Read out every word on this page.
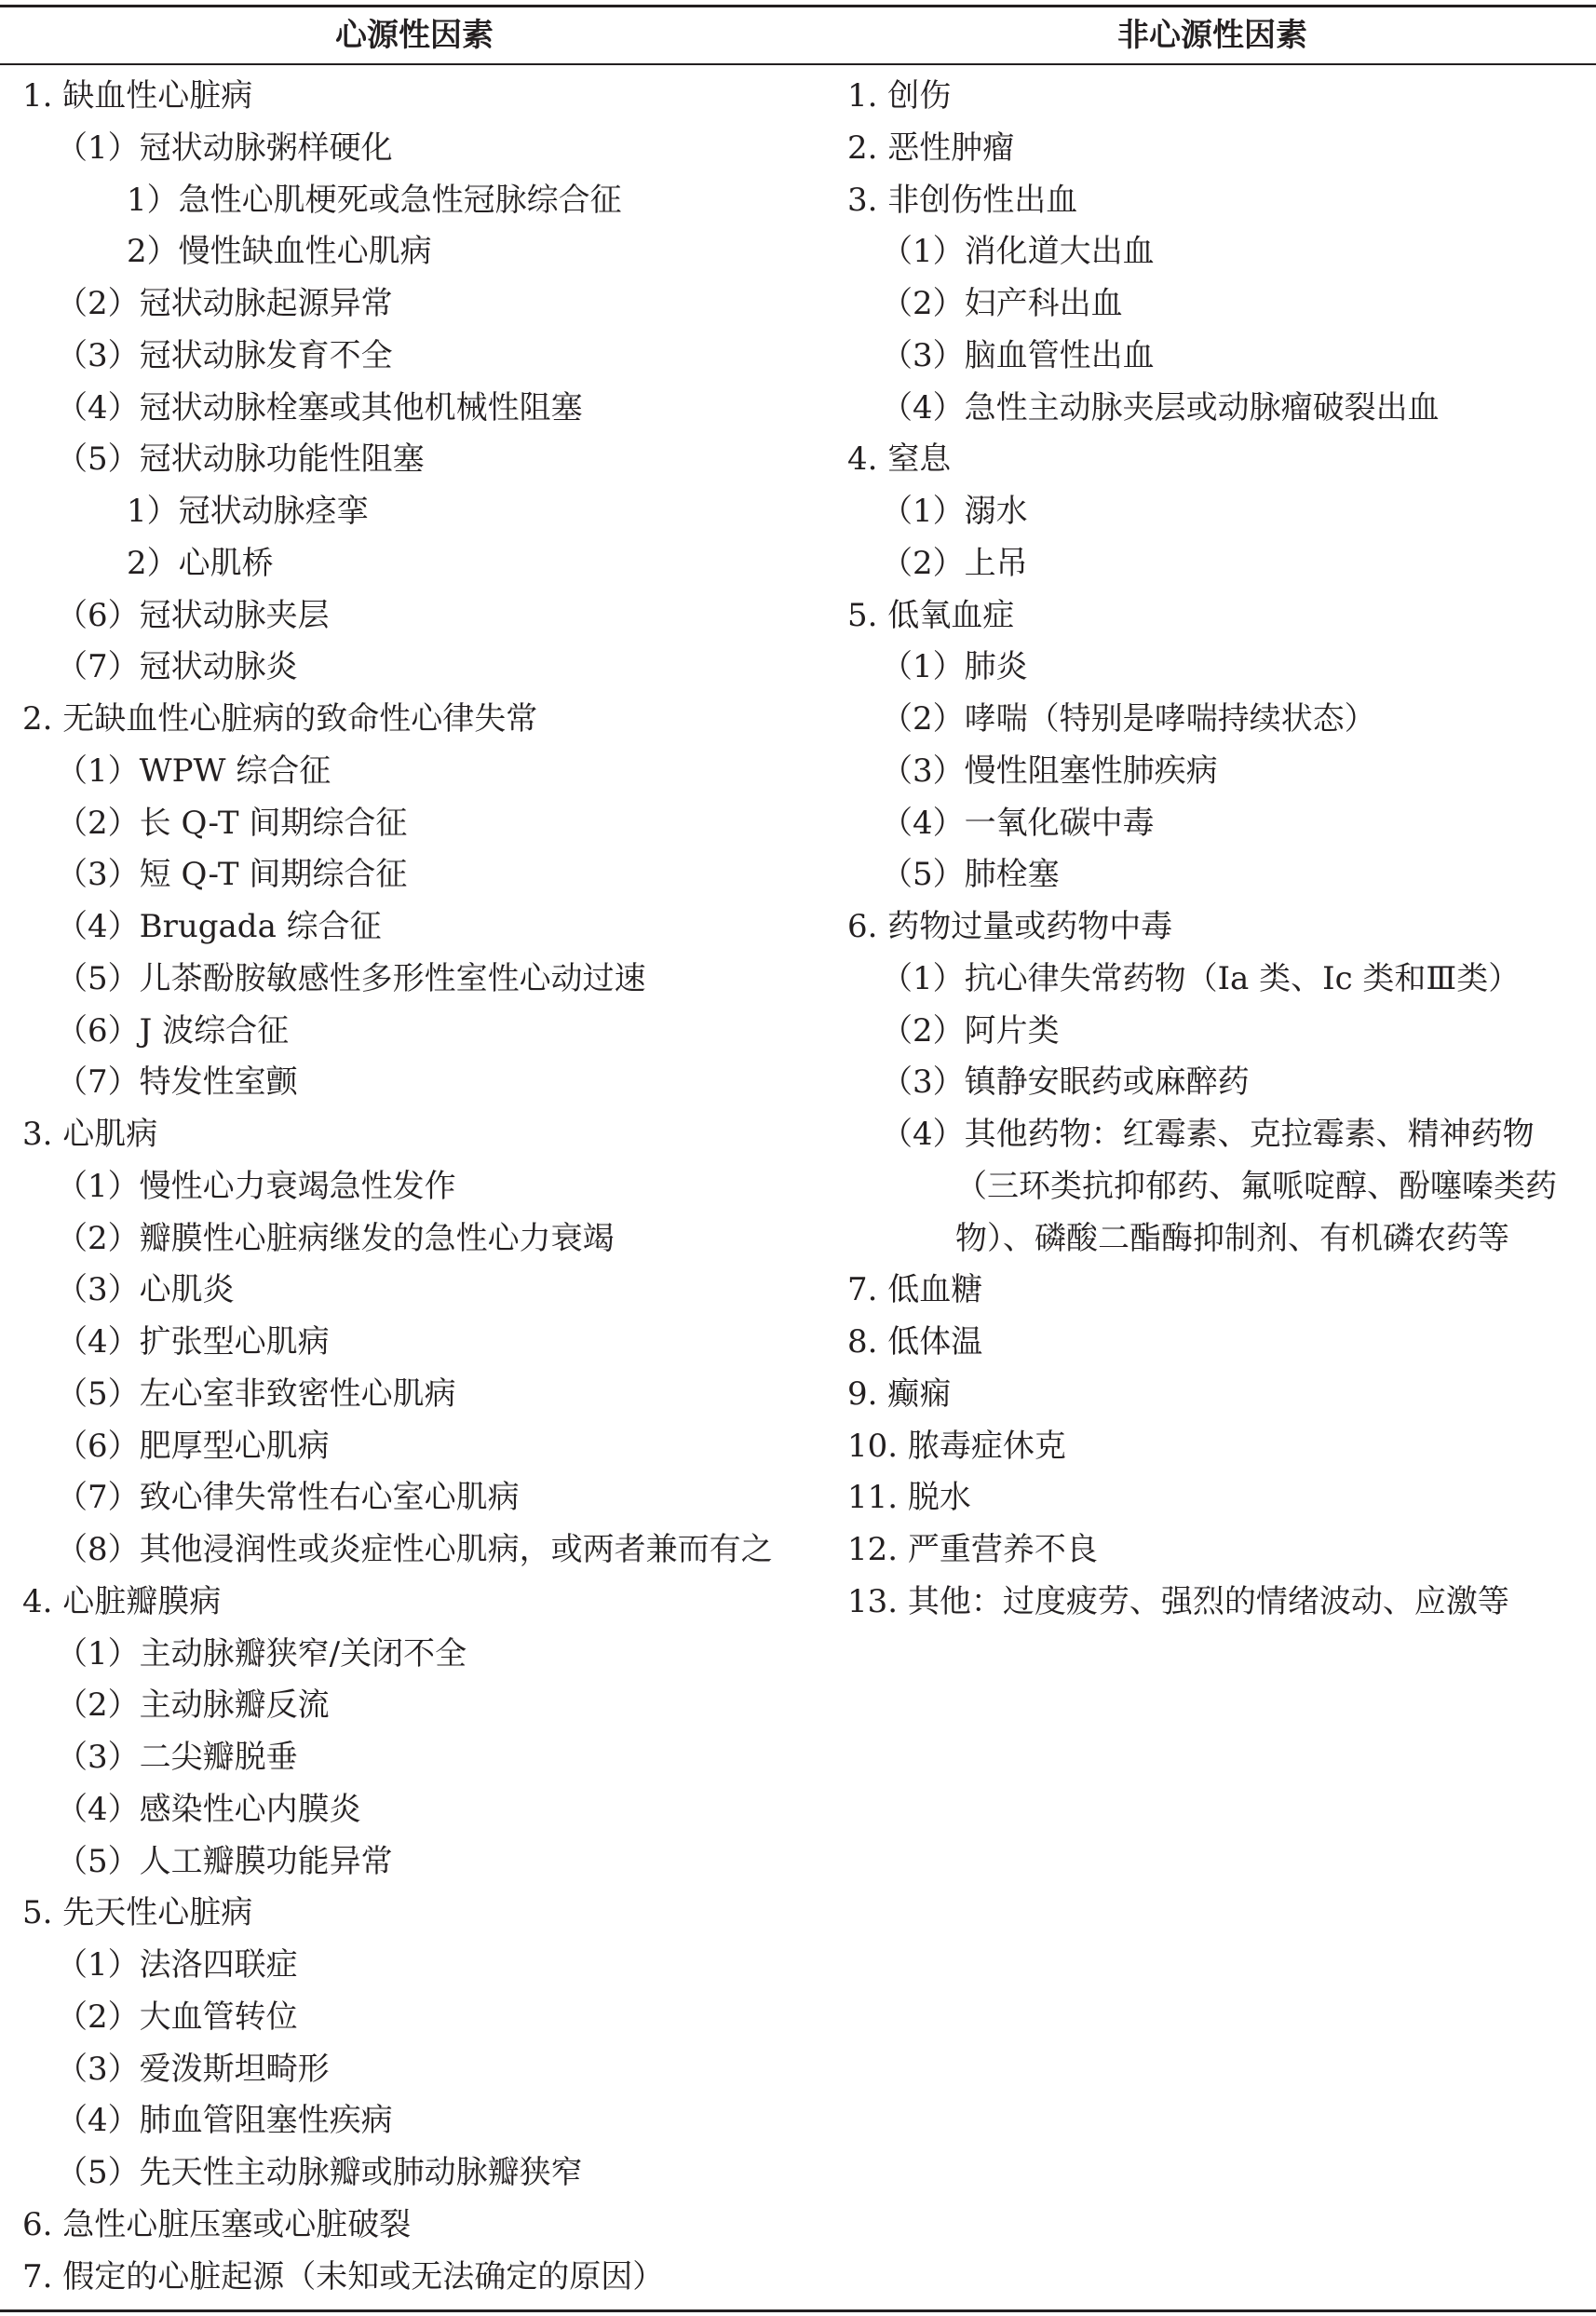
心源性因素	非心源性因素
1. 缺血性心脏病
（1）冠状动脉粥样硬化
1）急性心肌梗死或急性冠脉综合征
2）慢性缺血性心肌病
（2）冠状动脉起源异常
（3）冠状动脉发育不全
（4）冠状动脉栓塞或其他机械性阻塞
（5）冠状动脉功能性阻塞
1）冠状动脉痉挛
2）心肌桥
（6）冠状动脉夹层
（7）冠状动脉炎
2. 无缺血性心脏病的致命性心律失常
（1）WPW 综合征
（2）长 Q-T 间期综合征
（3）短 Q-T 间期综合征
（4）Brugada 综合征
（5）儿茶酚胺敏感性多形性室性心动过速
（6）J 波综合征
（7）特发性室颤
3. 心肌病
（1）慢性心力衰竭急性发作
（2）瓣膜性心脏病继发的急性心力衰竭
（3）心肌炎
（4）扩张型心肌病
（5）左心室非致密性心肌病
（6）肥厚型心肌病
（7）致心律失常性右心室心肌病
（8）其他浸润性或炎症性心肌病，或两者兼而有之
4. 心脏瓣膜病
（1）主动脉瓣狭窄/关闭不全
（2）主动脉瓣反流
（3）二尖瓣脱垂
（4）感染性心内膜炎
（5）人工瓣膜功能异常
5. 先天性心脏病
（1）法洛四联症
（2）大血管转位
（3）爱泼斯坦畸形
（4）肺血管阻塞性疾病
（5）先天性主动脉瓣或肺动脉瓣狭窄
6. 急性心脏压塞或心脏破裂
7. 假定的心脏起源（未知或无法确定的原因）
1. 创伤
2. 恶性肿瘤
3. 非创伤性出血
（1）消化道大出血
（2）妇产科出血
（3）脑血管性出血
（4）急性主动脉夹层或动脉瘤破裂出血
4. 窒息
（1）溺水
（2）上吊
5. 低氧血症
（1）肺炎
（2）哮喘（特别是哮喘持续状态）
（3）慢性阻塞性肺疾病
（4）一氧化碳中毒
（5）肺栓塞
6. 药物过量或药物中毒
（1）抗心律失常药物（Ⅰa 类、Ⅰc 类和Ⅲ类）
（2）阿片类
（3）镇静安眠药或麻醉药
（4）其他药物：红霉素、克拉霉素、精神药物
（三环类抗抑郁药、氟哌啶醇、酚噻嗪类药
物）、磷酸二酯酶抑制剂、有机磷农药等
7. 低血糖
8. 低体温
9. 癫痫
10. 脓毒症休克
11. 脱水
12. 严重营养不良
13. 其他：过度疲劳、强烈的情绪波动、应激等
